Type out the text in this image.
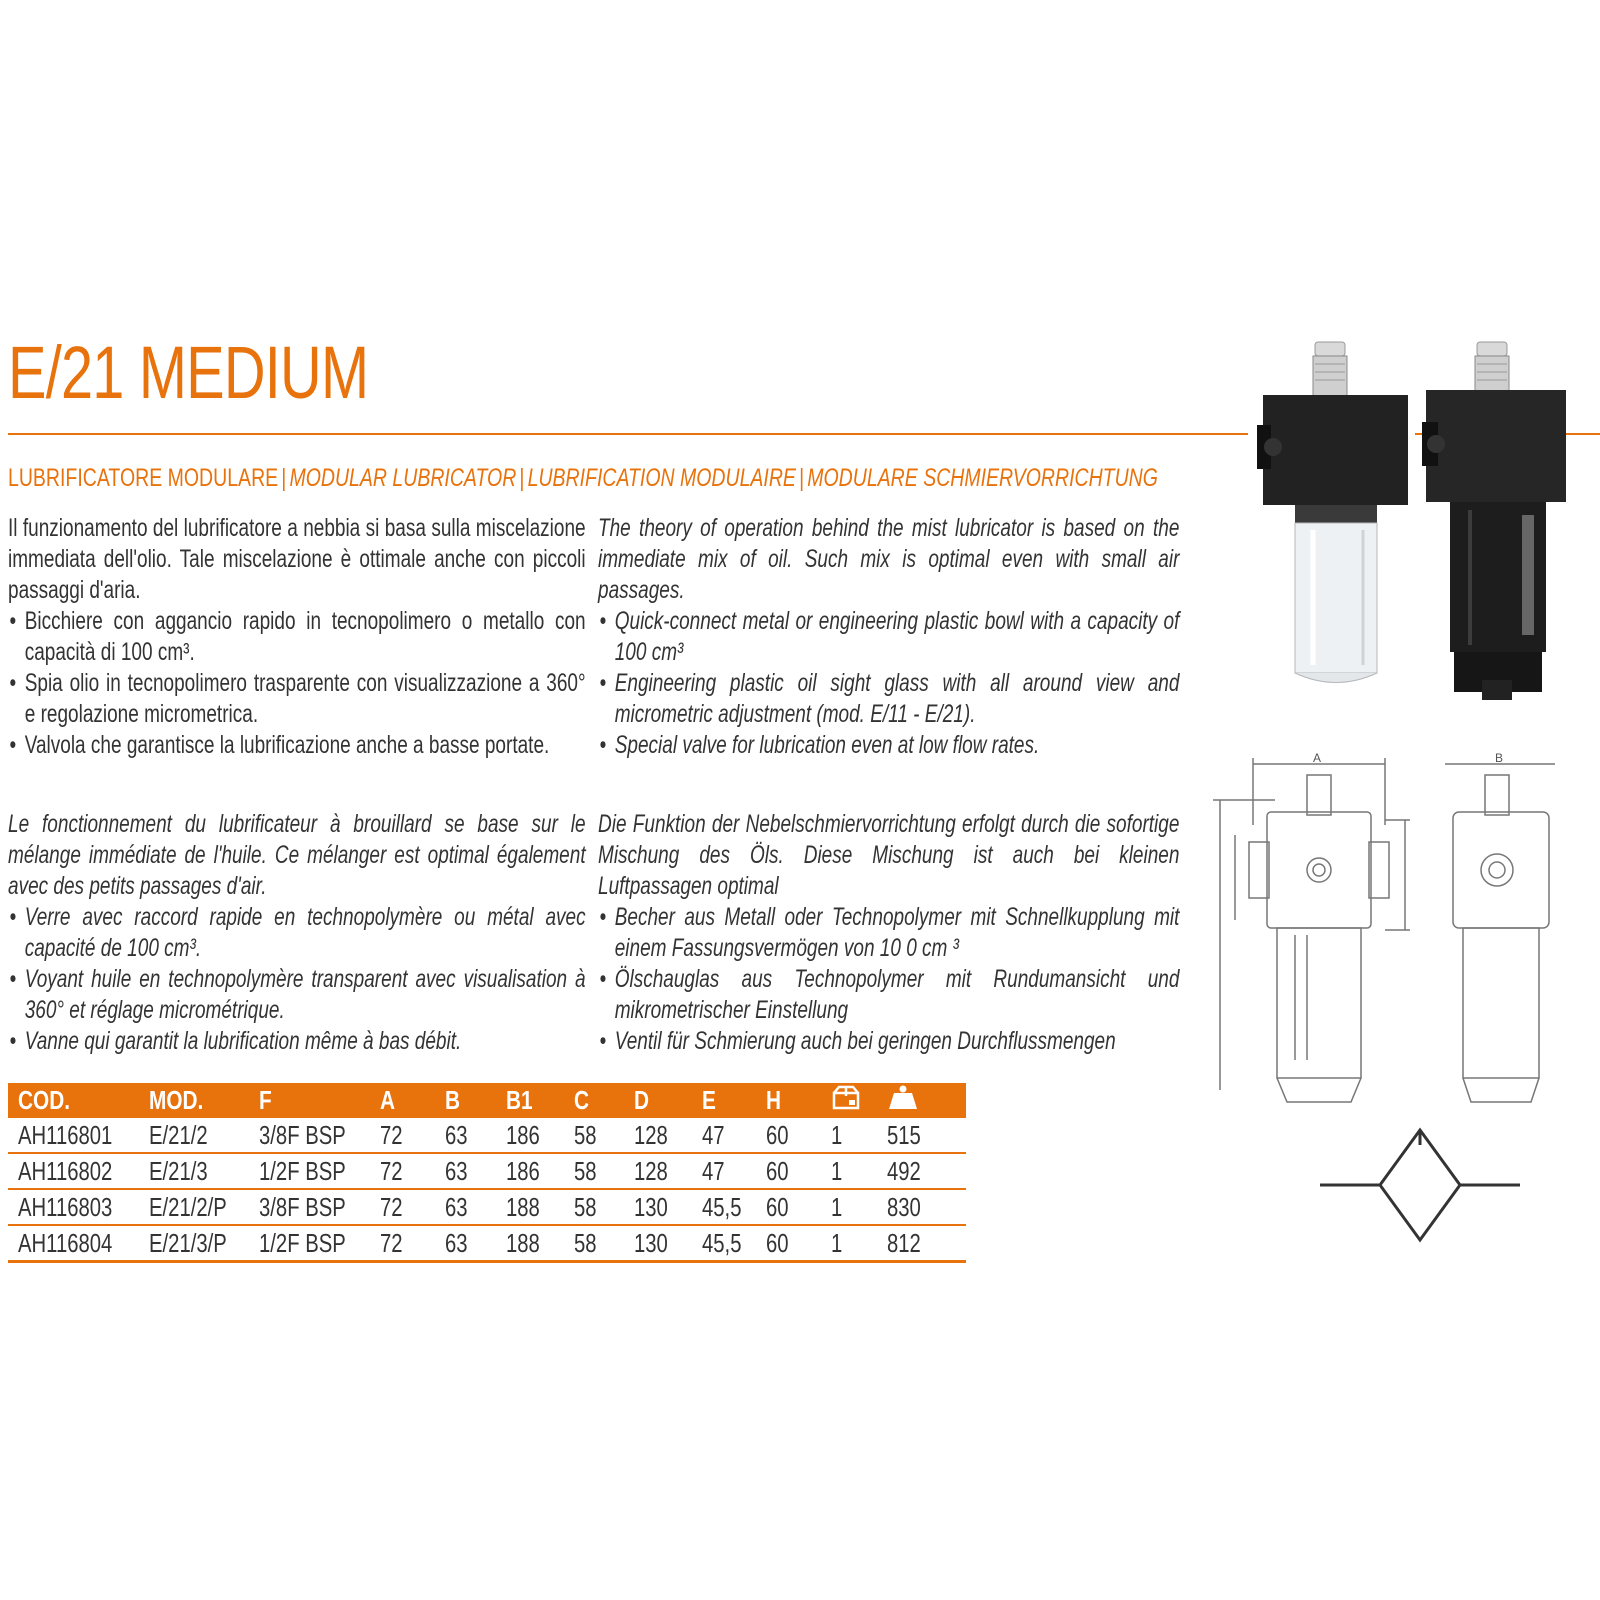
E/21 MEDIUM
LUBRIFICATORE MODULARE | MODULAR LUBRICATOR | LUBRIFICATION MODULAIRE | MODULARE SCHMIERVORRICHTUNG

Il funzionamento del lubrificatore a nebbia si basa sulla miscelazione immediata dell'olio. Tale miscelazione è ottimale anche con piccoli passaggi d'aria.

• Bicchiere con aggancio rapido in tecnopolimero o metallo con capacità di 100 cm³.
• Spia olio in tecnopolimero trasparente con visualizzazione a 360° e regolazione micrometrica.
• Valvola che garantisce la lubrificazione anche a basse portate.

The theory of operation behind the mist lubricator is based on the immediate mix of oil. Such mix is optimal even with small air passages.

• Quick-connect metal or engineering plastic bowl with a capacity of 100 cm³
• Engineering plastic oil sight glass with all around view and micrometric adjustment (mod. E/11 - E/21).
• Special valve for lubrication even at low flow rates.

Le fonctionnement du lubrificateur à brouillard se base sur le mélange immédiate de l'huile. Ce mélanger est optimal également avec des petits passages d'air.

• Verre avec raccord rapide en technopolymère ou métal avec capacité de 100 cm³.
• Voyant huile en technopolymère transparent avec visualisation à 360° et réglage micrométrique.
• Vanne qui garantit la lubrification même à bas débit.

Die Funktion der Nebelschmiervorrichtung erfolgt durch die sofortige Mischung des Öls. Diese Mischung ist auch bei kleinen Luftpassagen optimal

• Becher aus Metall oder Technopolymer mit Schnellkupplung mit einem Fassungsvermögen von 10 0 cm ³
• Ölschauglas aus Technopolymer mit Rundumansicht und mikrometrischer Einstellung
• Ventil für Schmierung auch bei geringen Durchflussmengen
COD.	MOD.	F	A	B	B1	C	D	E	H		
AH116801	E/21/2	3/8F BSP	72	63	186	58	128	47	60	1	515
AH116802	E/21/3	1/2F BSP	72	63	186	58	128	47	60	1	492
AH116803	E/21/2/P	3/8F BSP	72	63	188	58	130	45,5	60	1	830
AH116804	E/21/3/P	1/2F BSP	72	63	188	58	130	45,5	60	1	812
A	B
